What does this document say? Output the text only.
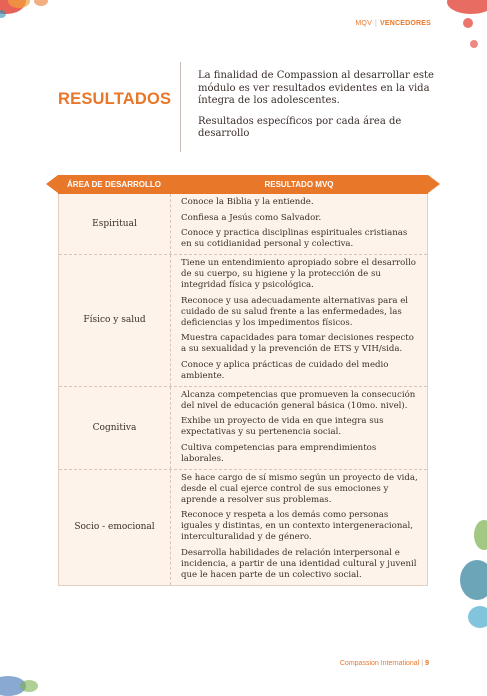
MQV | VENCEDORES
RESULTADOS

La finalidad de Compassion al desarrollar este módulo es ver resultados evidentes en la vida íntegra de los adolescentes.

Resultados específicos por cada área de desarrollo

ÁREA DE DESARROLLO	RESULTADO MVQ
Espiritual

Conoce la Biblia y la entiende.

Confiesa a Jesús como Salvador.

Conoce y practica disciplinas espirituales cristianas en su cotidianidad personal y colectiva.

Físico y salud

Tiene un entendimiento apropiado sobre el desarrollo de su cuerpo, su higiene y la protección de su integridad física y psicológica.

Reconoce y usa adecuadamente alternativas para el cuidado de su salud frente a las enfermedades, las deficiencias y los impedimentos físicos.

Muestra capacidades para tomar decisiones respecto a su sexualidad y la prevención de ETS y VIH/sida.

Conoce y aplica prácticas de cuidado del medio ambiente.

Cognitiva

Alcanza competencias que promueven la consecución del nivel de educación general básica (10mo. nivel).

Exhibe un proyecto de vida en que integra sus expectativas y su pertenencia social.

Cultiva competencias para emprendimientos laborales.

Socio - emocional

Se hace cargo de sí mismo según un proyecto de vida, desde el cual ejerce control de sus emociones y aprende a resolver sus problemas.

Reconoce y respeta a los demás como personas iguales y distintas, en un contexto intergeneracional, interculturalidad y de género.

Desarrolla habilidades de relación interpersonal e incidencia, a partir de una identidad cultural y juvenil que le hacen parte de un colectivo social.

Compassion International | 9
